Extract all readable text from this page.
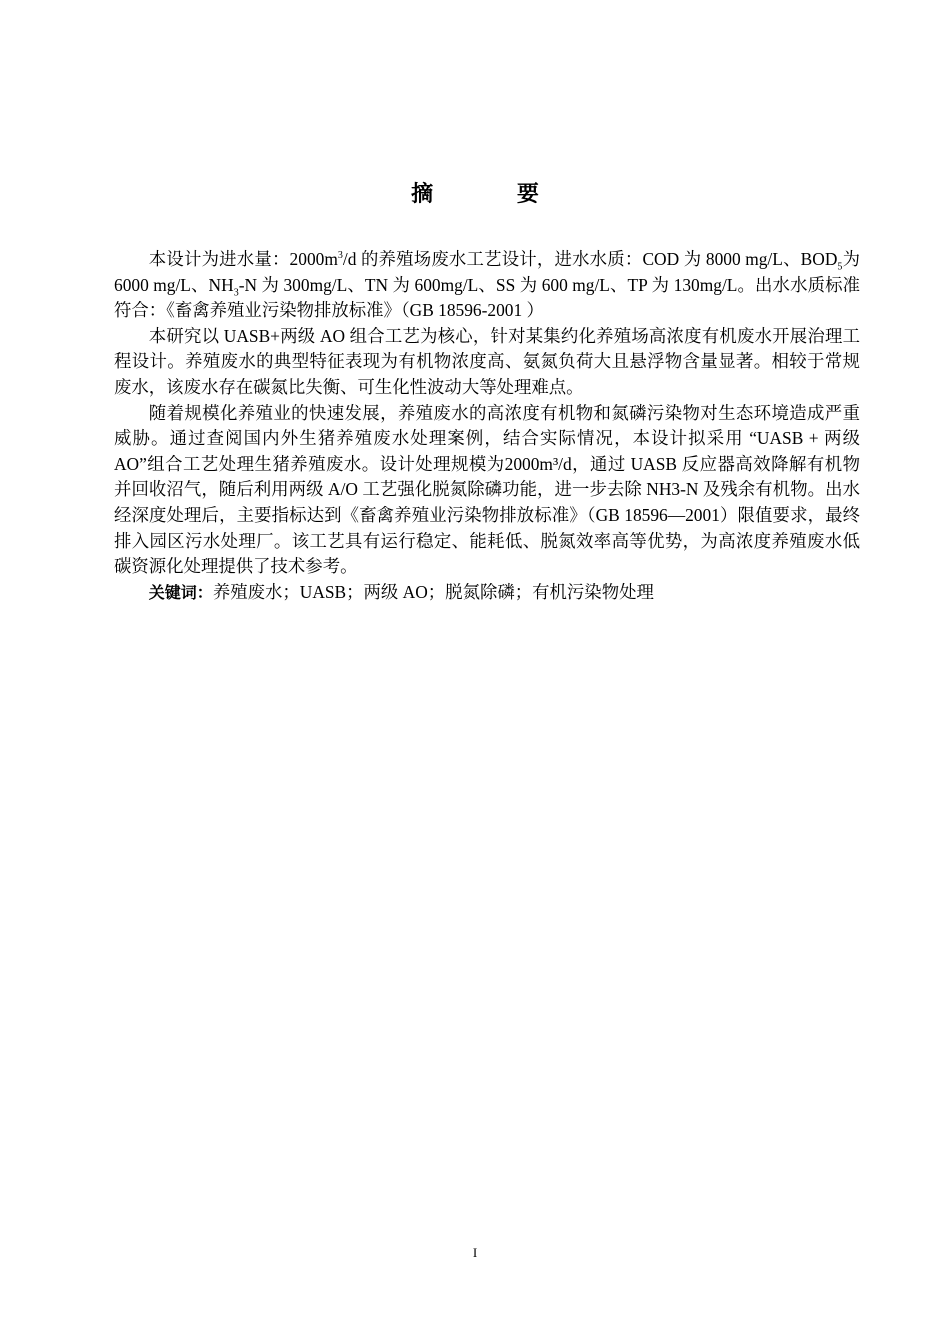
摘 要

本设计为进水量：$2000m^3/d$ 的养殖场废水工艺设计，进水水质：COD 为 8000 mg/L、$BOD_5$为 6000 mg/L、$NH_3-N$ 为 300mg/L、TN 为 600mg/L、SS 为 600 mg/L、TP 为 130mg/L。出水水质标准符合：《畜禽养殖业污染物排放标准》（GB 18596-2001 ）

本研究以 UASB+两级 AO 组合工艺为核心，针对某集约化养殖场高浓度有机废水开展治理工程设计。养殖废水的典型特征表现为有机物浓度高、氨氮负荷大且悬浮物含量显著。相较于常规废水，该废水存在碳氮比失衡、可生化性波动大等处理难点。

随着规模化养殖业的快速发展，养殖废水的高浓度有机物和氮磷污染物对生态环境造成严重威胁。通过查阅国内外生猪养殖废水处理案例，结合实际情况，本设计拟采用 “UASB + 两级 AO”组合工艺处理生猪养殖废水。设计处理规模为2000m³/d，通过 UASB 反应器高效降解有机物并回收沼气，随后利用两级 A/O 工艺强化脱氮除磷功能，进一步去除 NH3-N 及残余有机物。出水经深度处理后，主要指标达到《畜禽养殖业污染物排放标准》（GB 18596—2001）限值要求，最终排入园区污水处理厂。该工艺具有运行稳定、能耗低、脱氮效率高等优势，为高浓度养殖废水低碳资源化处理提供了技术参考。

关键词：养殖废水；UASB；两级 AO；脱氮除磷；有机污染物处理

I
